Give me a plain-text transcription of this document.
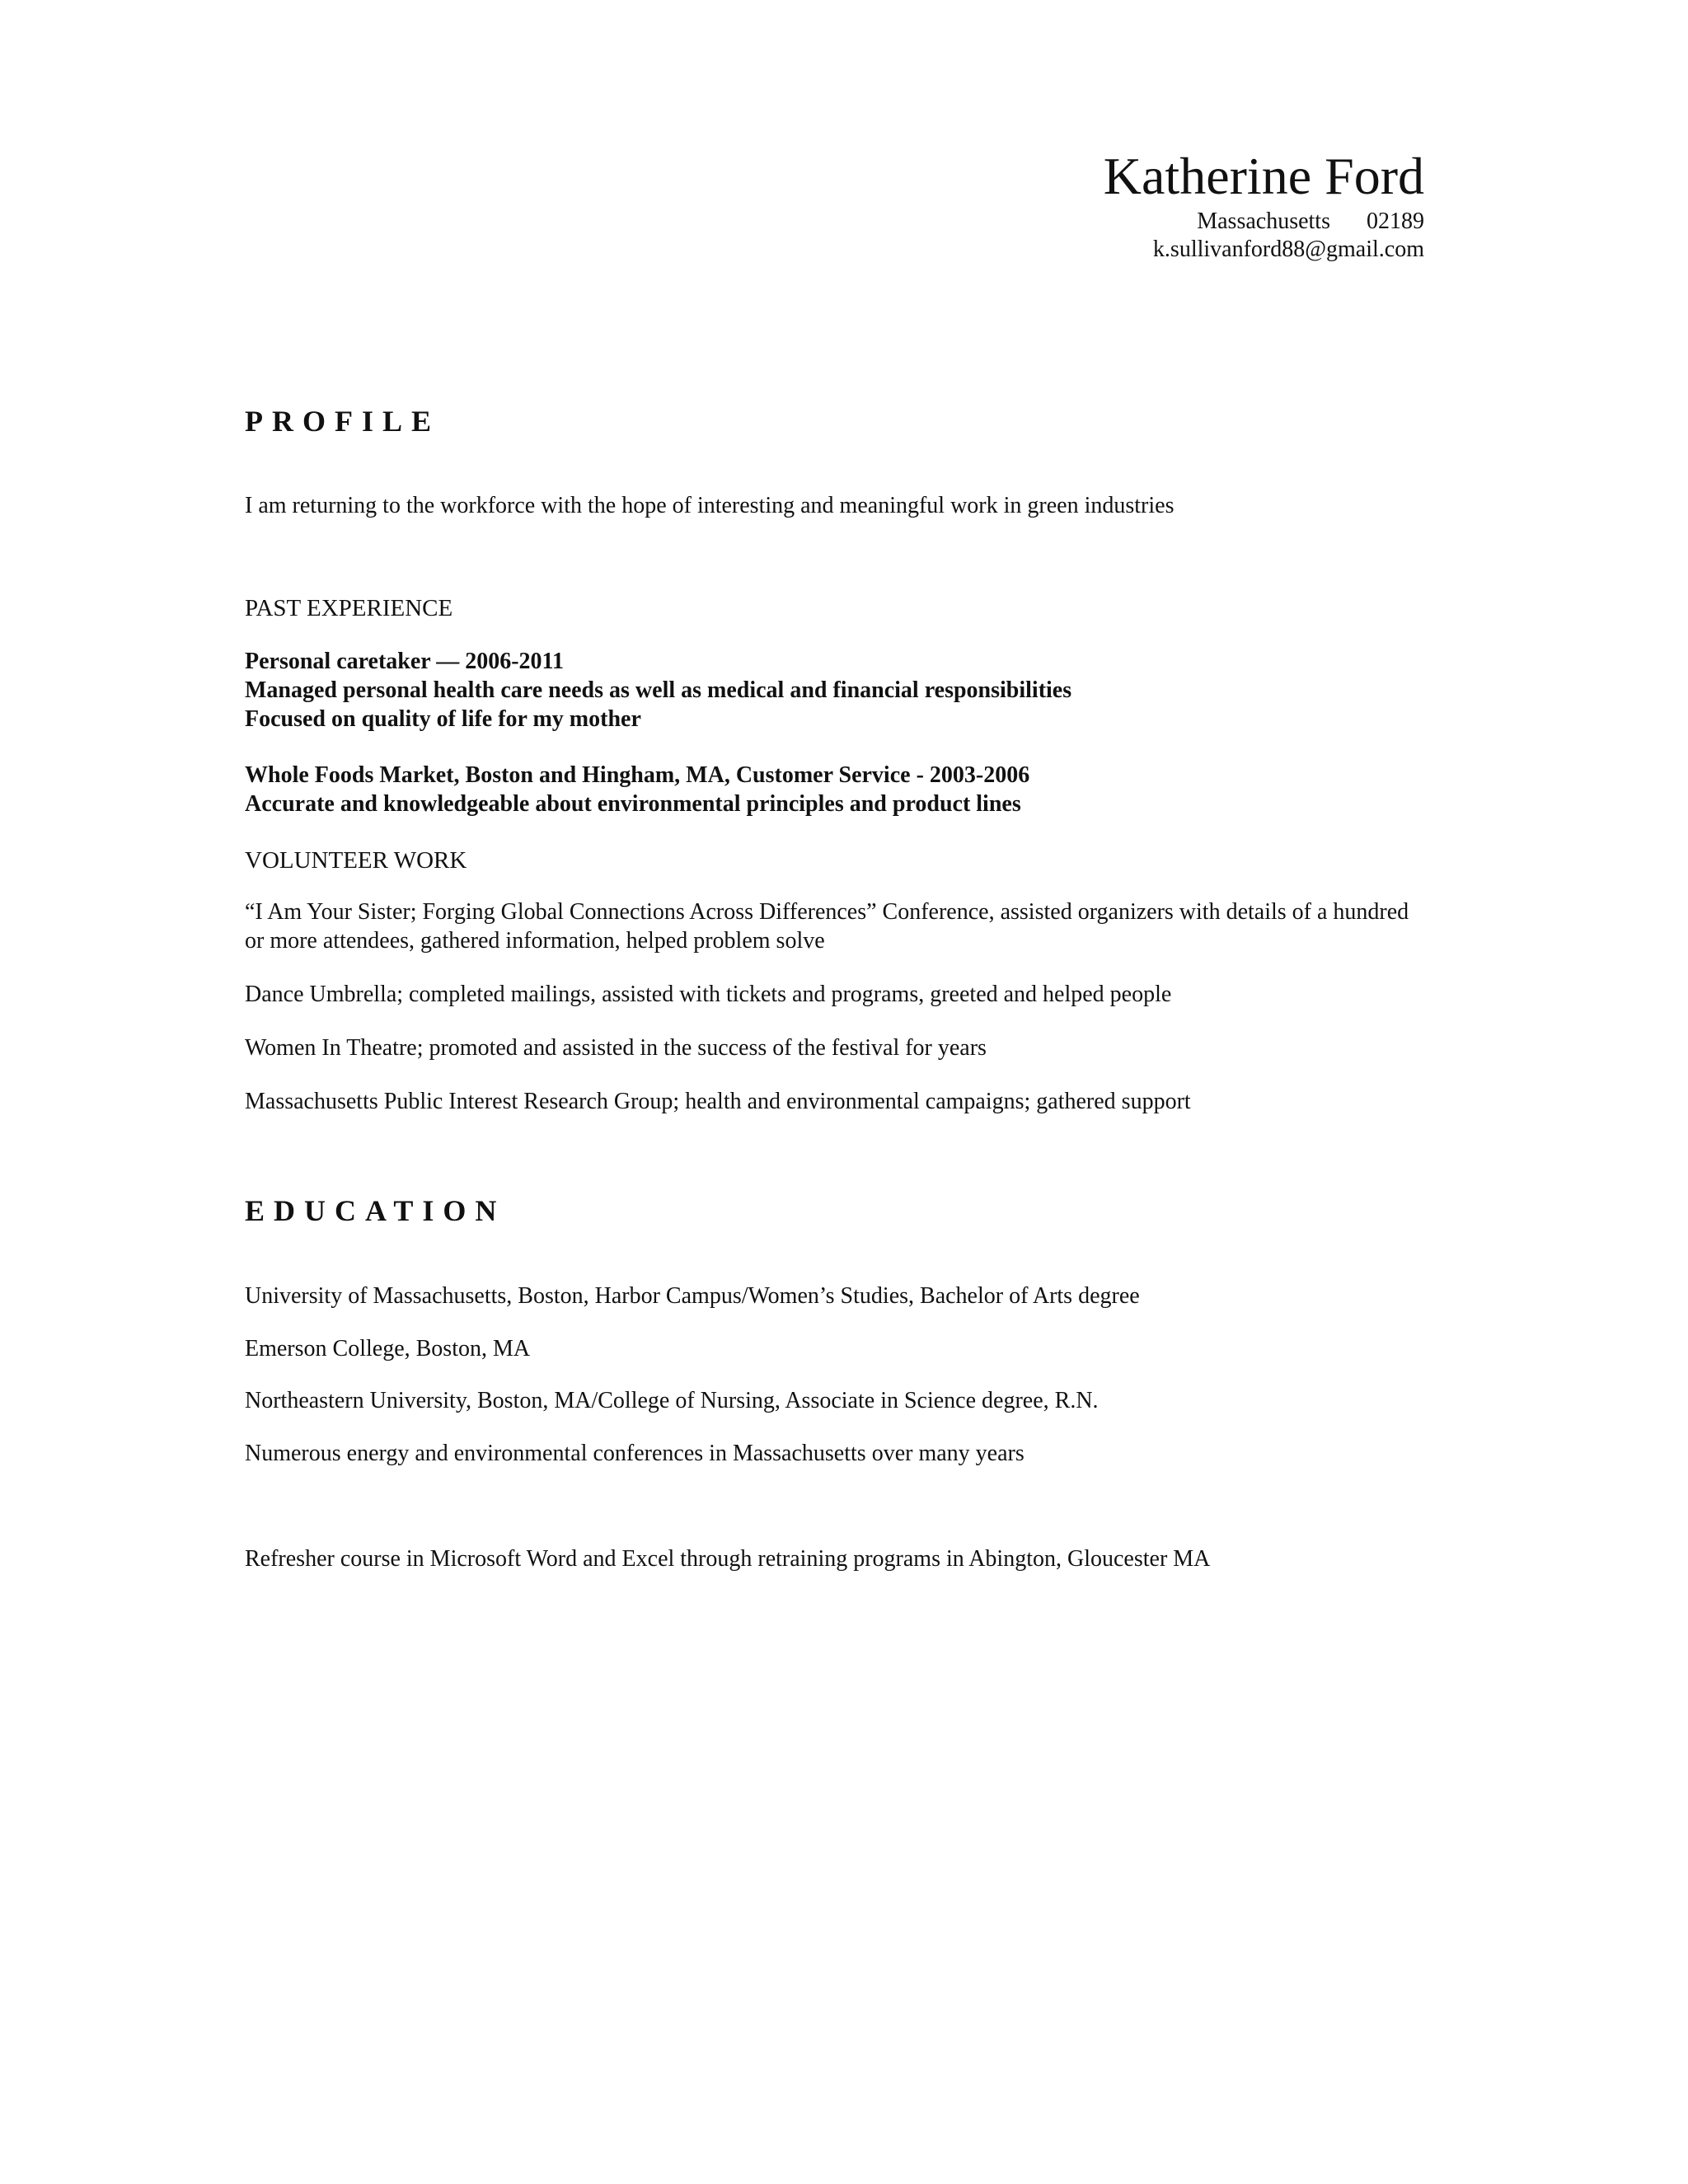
Katherine Ford

Massachusetts 02189

k.sullivanford88@gmail.com

PROFILE

I am returning to the workforce with the hope of interesting and meaningful work in green industries

PAST EXPERIENCE

Personal caretaker — 2006-2011

Managed personal health care needs as well as medical and financial responsibilities

Focused on quality of life for my mother

Whole Foods Market, Boston and Hingham, MA, Customer Service - 2003-2006

Accurate and knowledgeable about environmental principles and product lines

VOLUNTEER WORK

“I Am Your Sister; Forging Global Connections Across Differences” Conference, assisted organizers with details of a hundred or more attendees, gathered information, helped problem solve

Dance Umbrella; completed mailings, assisted with tickets and programs, greeted and helped people

Women In Theatre; promoted and assisted in the success of the festival for years

Massachusetts Public Interest Research Group; health and environmental campaigns; gathered support

EDUCATION

University of Massachusetts, Boston, Harbor Campus/Women’s Studies, Bachelor of Arts degree

Emerson College, Boston, MA

Northeastern University, Boston, MA/College of Nursing, Associate in Science degree, R.N.

Numerous energy and environmental conferences in Massachusetts over many years

Refresher course in Microsoft Word and Excel through retraining programs in Abington, Gloucester MA
